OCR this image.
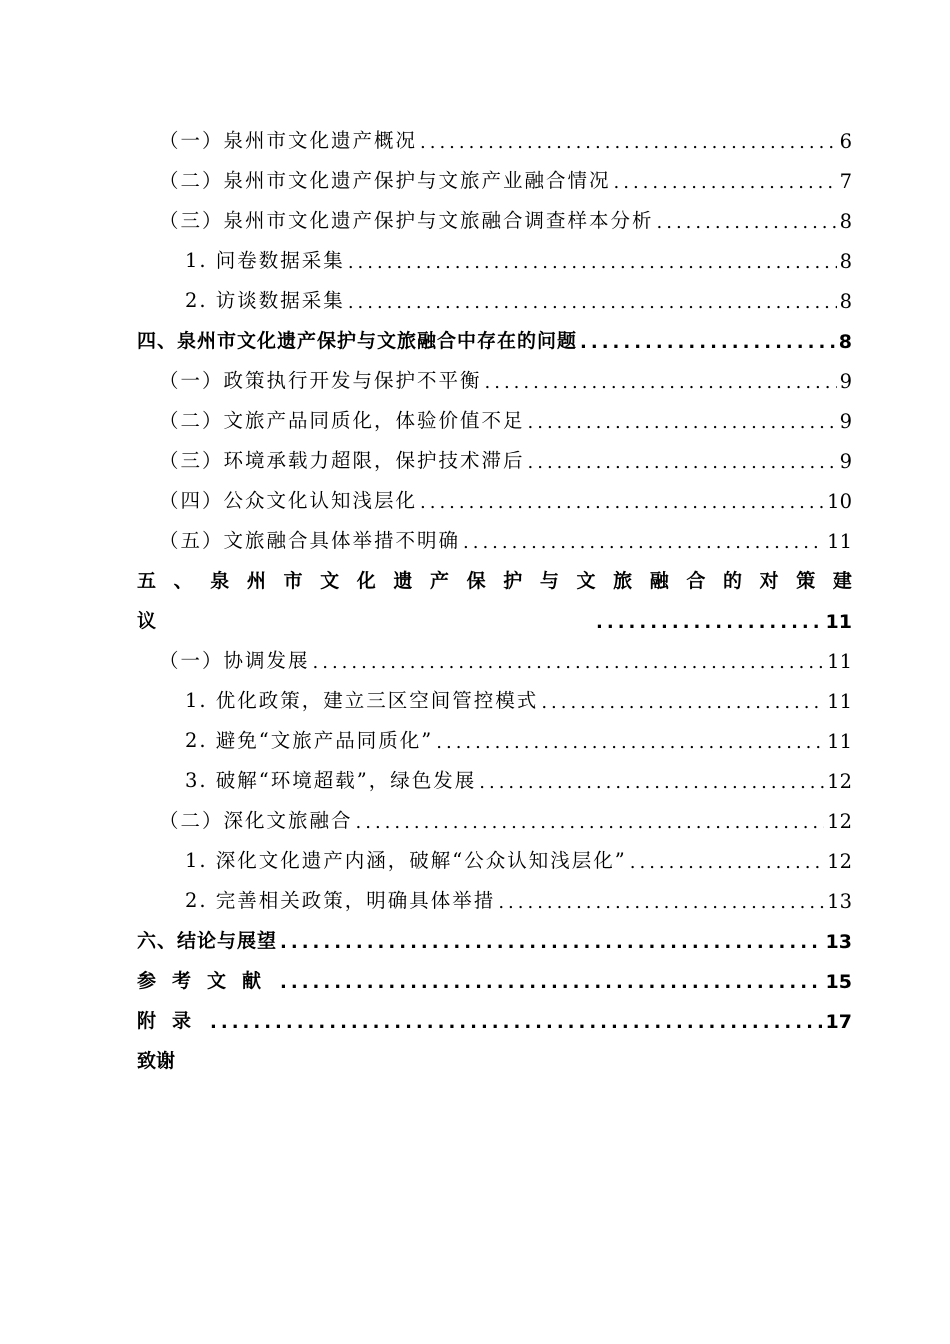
（一）泉州市文化遗产概况 .....	6
（二）泉州市文化遗产保护与文旅产业融合情况 .....	7
（三）泉州市文化遗产保护与文旅融合调查样本分析 .....	8
1. 问卷数据采集 .....	8
2. 访谈数据采集 .....	8
四、泉州市文化遗产保护与文旅融合中存在的问题 .....	8
（一）政策执行开发与保护不平衡 .....	9
（二）文旅产品同质化，体验价值不足 .....	9
（三）环境承载力超限，保护技术滞后 .....	9
（四）公众文化认知浅层化 .....	10
（五）文旅融合具体举措不明确 .....	11
五 、 泉 州 市 文 化 遗 产 保 护 与 文 旅 融 合 的 对 策 建
议 .....	11
（一）协调发展 .....	11
1. 优化政策，建立三区空间管控模式 .....	11
2. 避免“文旅产品同质化” .....	11
3. 破解“环境超载”，绿色发展 .....	12
（二）深化文旅融合 .....	12
1. 深化文化遗产内涵，破解“公众认知浅层化” .....	12
2. 完善相关政策，明确具体举措 .....	13
六、结论与展望 .....	13
参考文献 .....	15
附录 .....	17
致谢
